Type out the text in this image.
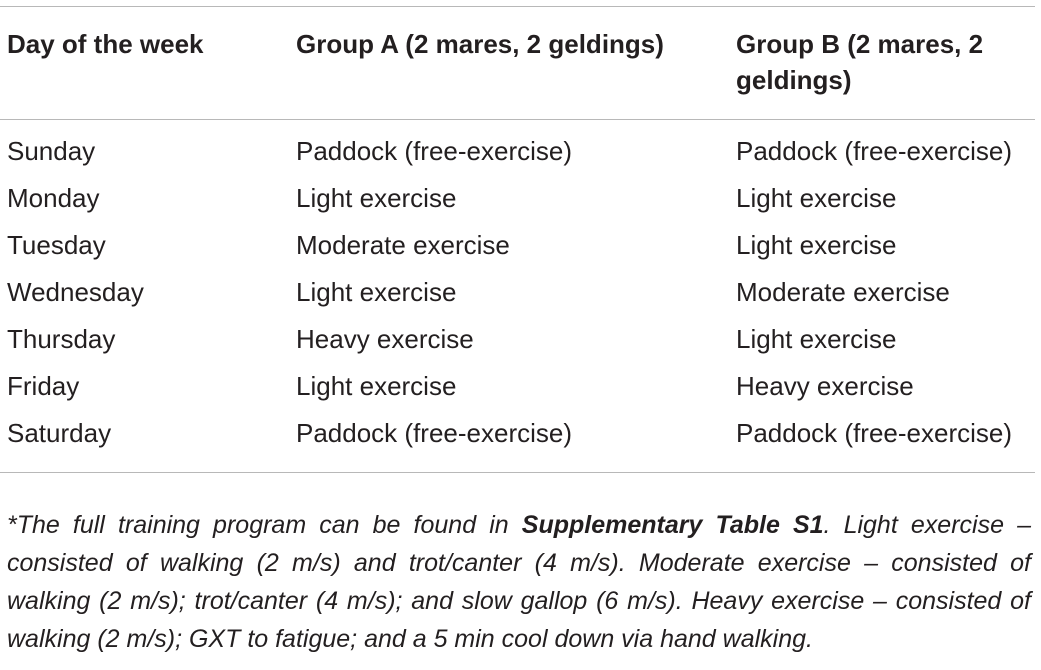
Day of the week	Group A (2 mares, 2 geldings)	Group B (2 mares, 2 geldings)
Sunday	Paddock (free-exercise)	Paddock (free-exercise)
Monday	Light exercise	Light exercise
Tuesday	Moderate exercise	Light exercise
Wednesday	Light exercise	Moderate exercise
Thursday	Heavy exercise	Light exercise
Friday	Light exercise	Heavy exercise
Saturday	Paddock (free-exercise)	Paddock (free-exercise)

*The full training program can be found in Supplementary Table S1. Light exercise – consisted of walking (2 m/s) and trot/canter (4 m/s). Moderate exercise – consisted of walking (2 m/s); trot/canter (4 m/s); and slow gallop (6 m/s). Heavy exercise – consisted of walking (2 m/s); GXT to fatigue; and a 5 min cool down via hand walking.
